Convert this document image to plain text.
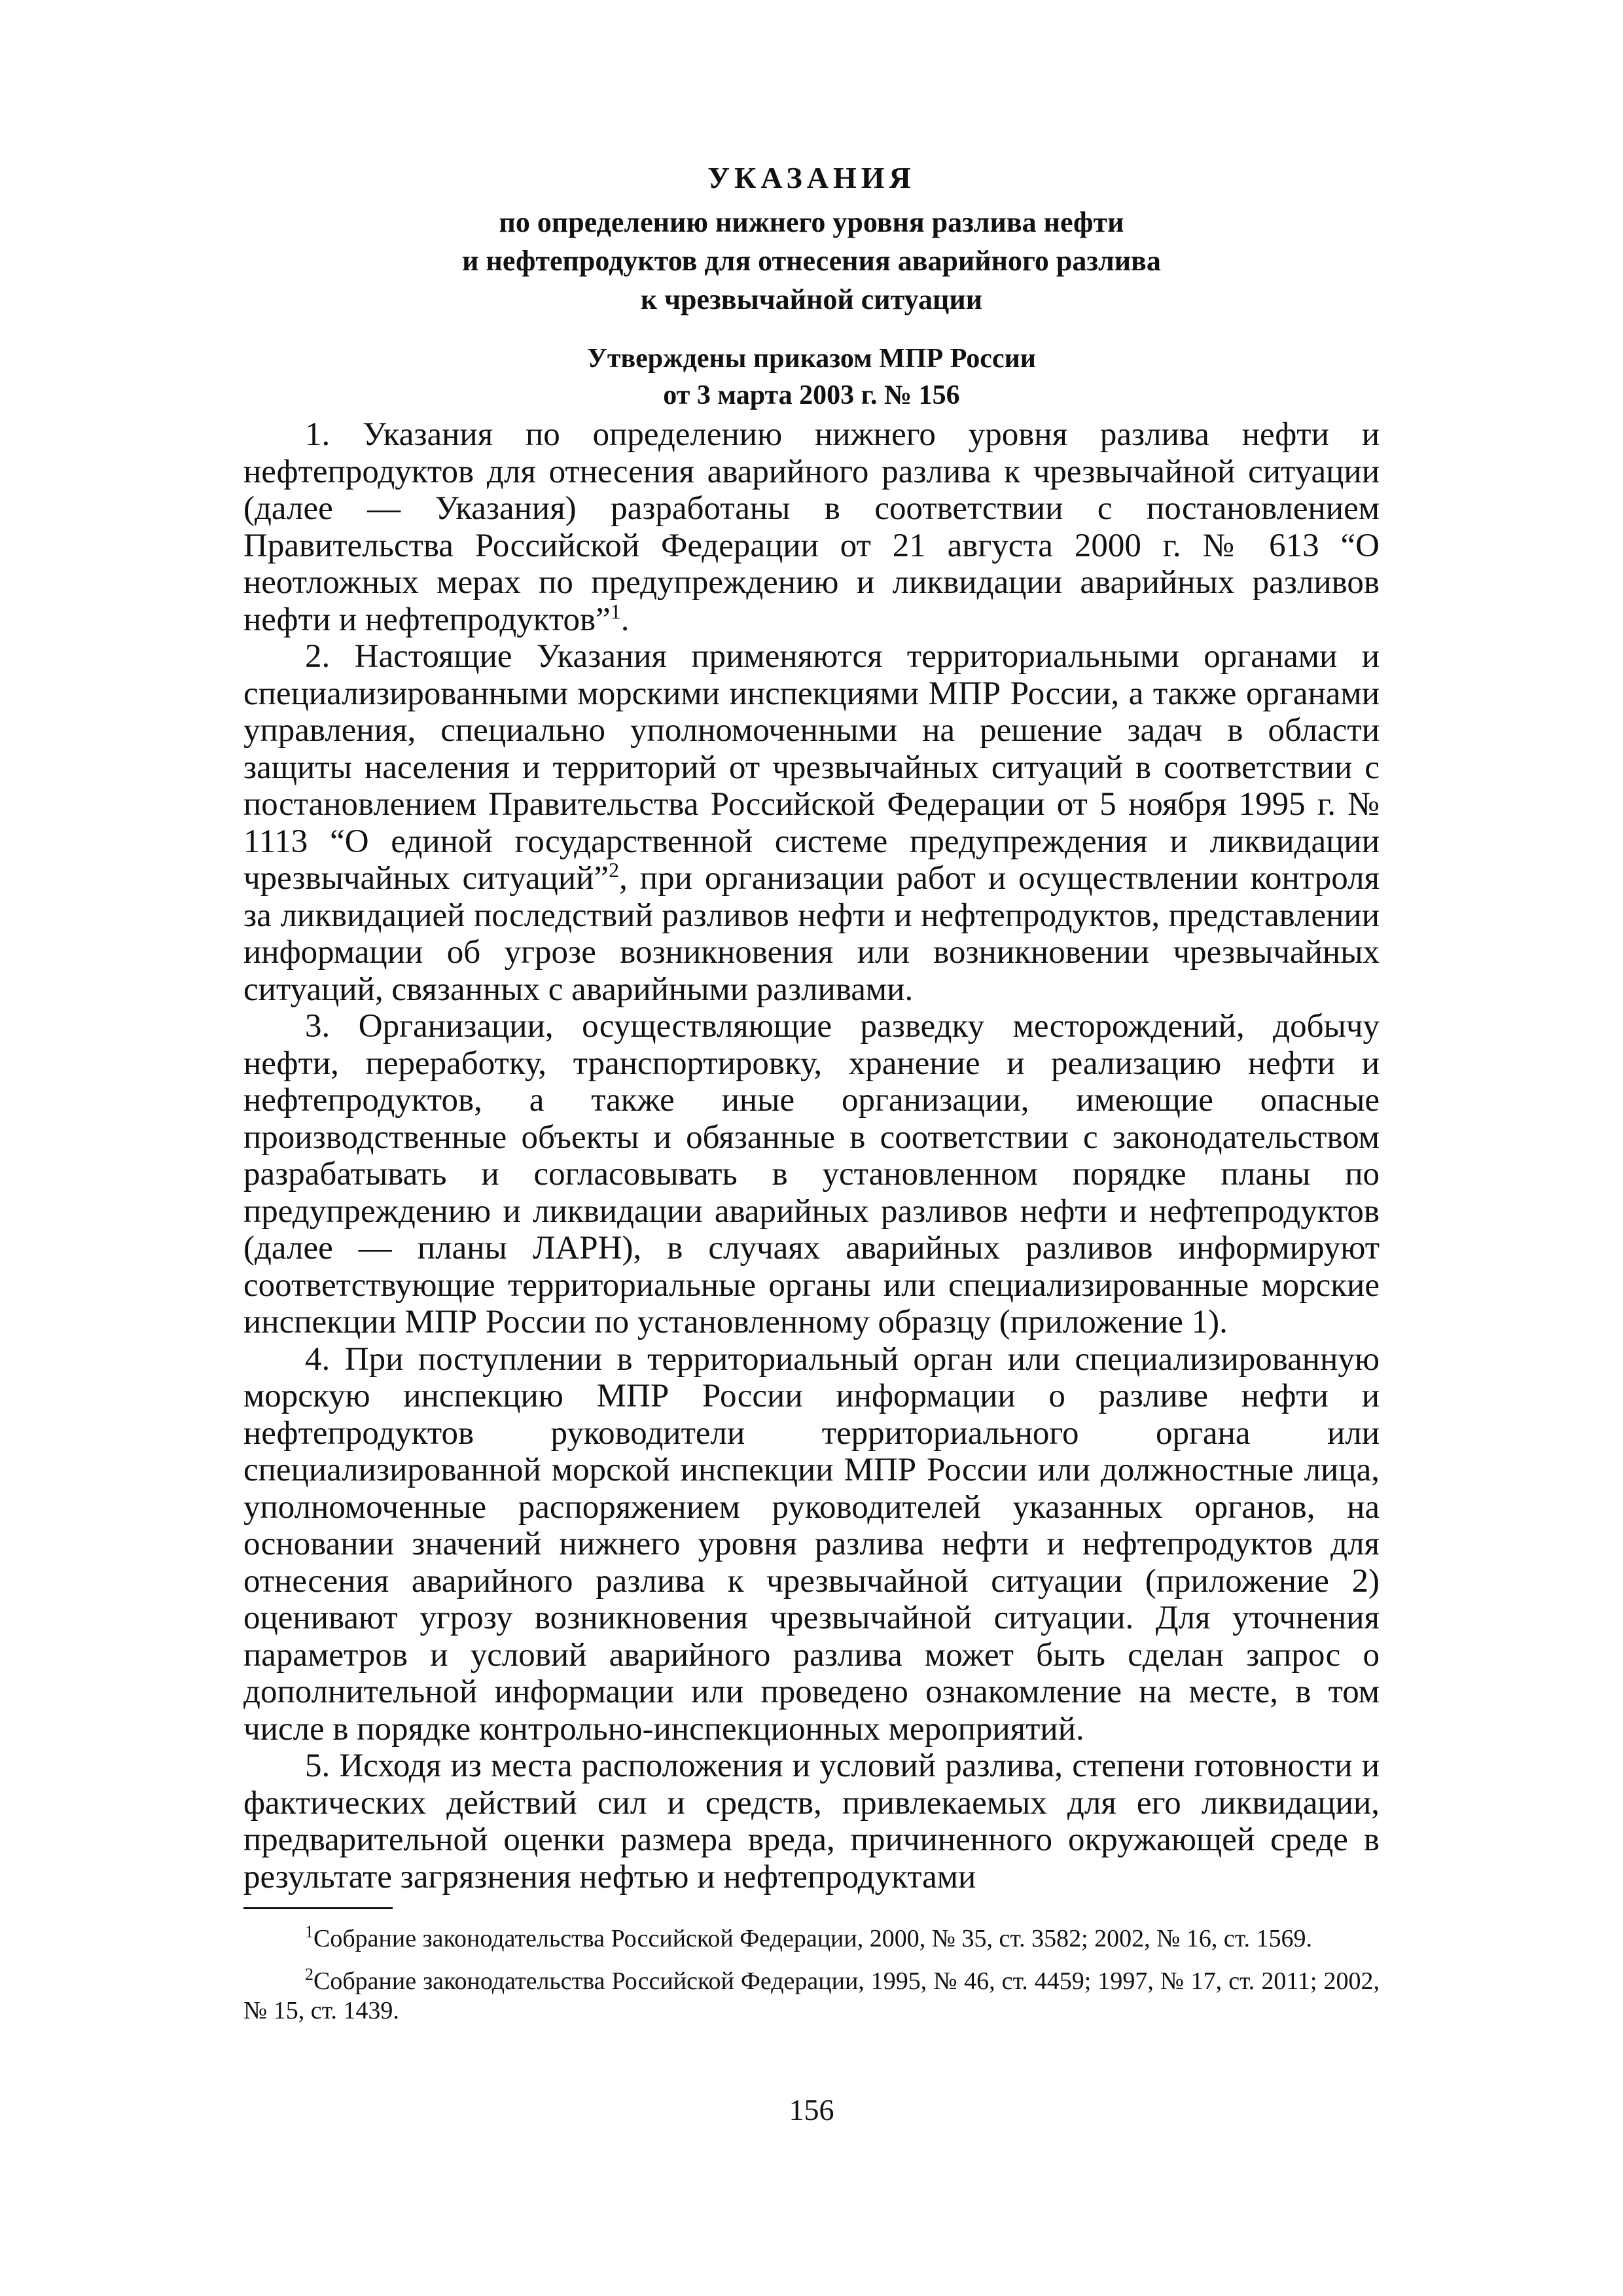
УКАЗАНИЯ
по определению нижнего уровня разлива нефти
и нефтепродуктов для отнесения аварийного разлива
к чрезвычайной ситуации
Утверждены приказом МПР России
от 3 марта 2003 г. № 156

1. Указания по определению нижнего уровня разлива нефти и нефтепродуктов для отнесения аварийного разлива к чрезвычайной ситуации (далее — Указания) разработаны в соответствии с постановлением Правительства Российской Федерации от 21 августа 2000 г. № 613 “О неотложных мерах по предупреждению и ликвидации аварийных разливов нефти и нефтепродуктов”$^1$.

2. Настоящие Указания применяются территориальными органами и специализированными морскими инспекциями МПР России, а также органами управления, специально уполномоченными на решение задач в области защиты населения и территорий от чрезвычайных ситуаций в соответствии с постановлением Правительства Российской Федерации от 5 ноября 1995 г. № 1113 “О единой государственной системе предупреждения и ликвидации чрезвычайных ситуаций”$^2$, при организации работ и осуществлении контроля за ликвидацией последствий разливов нефти и нефтепродуктов, представлении информации об угрозе возникновения или возникновении чрезвычайных ситуаций, связанных с аварийными разливами.

3. Организации, осуществляющие разведку месторождений, добычу нефти, переработку, транспортировку, хранение и реализацию нефти и нефтепродуктов, а также иные организации, имеющие опасные производственные объекты и обязанные в соответствии с законодательством разрабатывать и согласовывать в установленном порядке планы по предупреждению и ликвидации аварийных разливов нефти и нефтепродуктов (далее — планы ЛАРН), в случаях аварийных разливов информируют соответствующие территориальные органы или специализированные морские инспекции МПР России по установленному образцу (приложение 1).

4. При поступлении в территориальный орган или специализированную морскую инспекцию МПР России информации о разливе нефти и нефтепродуктов руководители территориального органа или специализированной морской инспекции МПР России или должностные лица, уполномоченные распоряжением руководителей указанных органов, на основании значений нижнего уровня разлива нефти и нефтепродуктов для отнесения аварийного разлива к чрезвычайной ситуации (приложение 2) оценивают угрозу возникновения чрезвычайной ситуации. Для уточнения параметров и условий аварийного разлива может быть сделан запрос о дополнительной информации или проведено ознакомление на месте, в том числе в порядке контрольно-инспекционных мероприятий.

5. Исходя из места расположения и условий разлива, степени готовности и фактических действий сил и средств, привлекаемых для его ликвидации, предварительной оценки размера вреда, причиненного окружающей среде в результате загрязнения нефтью и нефтепродуктами

$^1$Собрание законодательства Российской Федерации, 2000, № 35, ст. 3582; 2002, № 16, ст. 1569.

$^2$Собрание законодательства Российской Федерации, 1995, № 46, ст. 4459; 1997, № 17, ст. 2011; 2002, № 15, ст. 1439.

156
